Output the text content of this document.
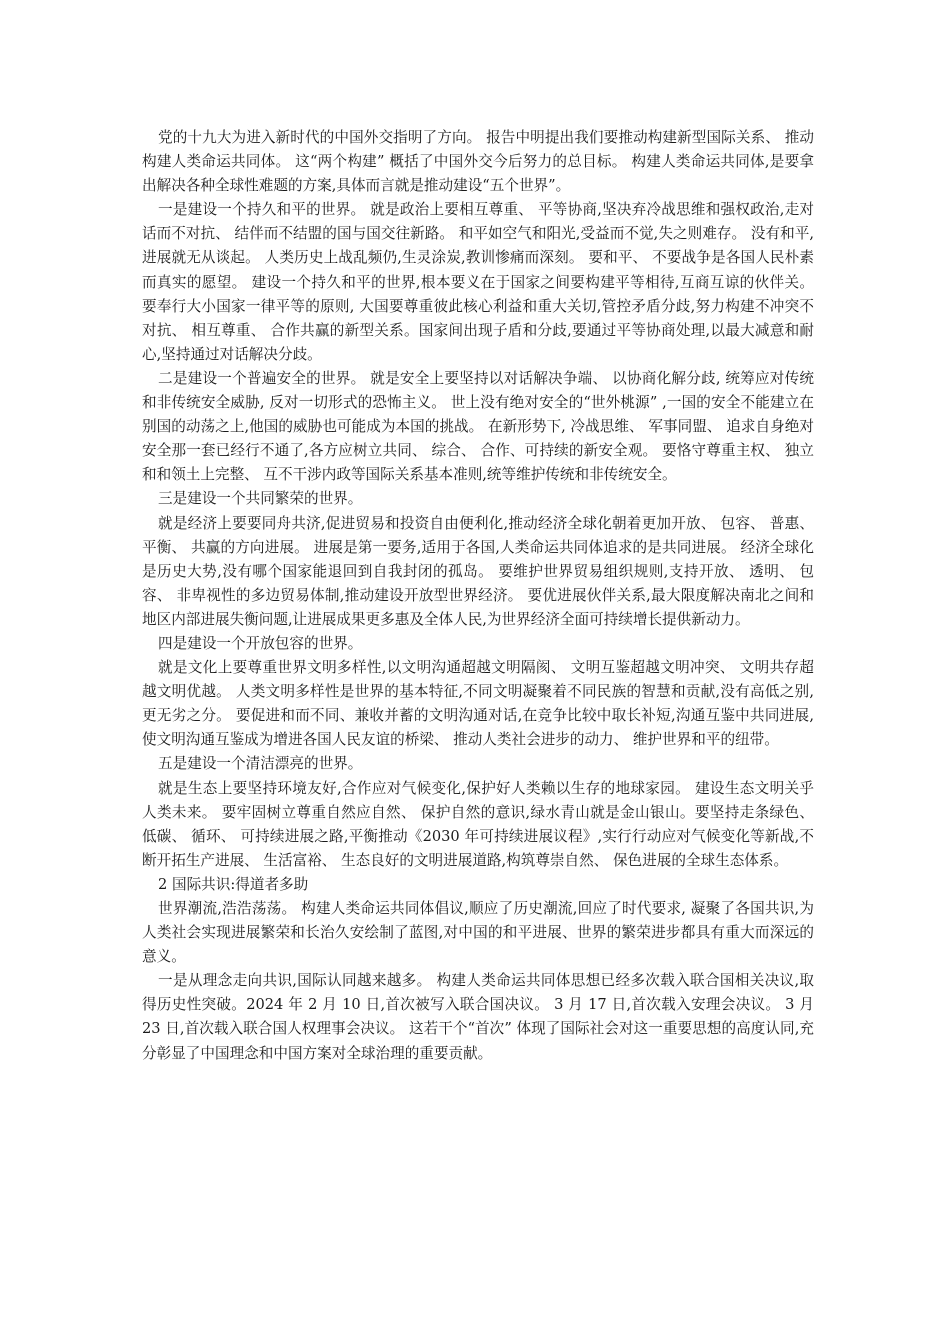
党的十九大为进入新时代的中国外交指明了方向。 报告中明提出我们要推动构建新型国际关系、 推动构建人类命运共同体。 这“两个构建” 概括了中国外交今后努力的总目标。 构建人类命运共同体,是要拿出解决各种全球性难题的方案,具体而言就是推动建设“五个世界”。

一是建设一个持久和平的世界。 就是政治上要相互尊重、 平等协商,坚决弃冷战思维和强权政治,走对话而不对抗、 结伴而不结盟的国与国交往新路。 和平如空气和阳光,受益而不觉,失之则难存。 没有和平,进展就无从谈起。 人类历史上战乱频仍,生灵涂炭,教训惨痛而深刻。 要和平、 不要战争是各国人民朴素而真实的愿望。 建设一个持久和平的世界,根本要义在于国家之间要构建平等相待,互商互谅的伙伴关。 要奉行大小国家一律平等的原则, 大国要尊重彼此核心利益和重大关切,管控矛盾分歧,努力构建不冲突不对抗、 相互尊重、 合作共赢的新型关系。国家间出现子盾和分歧,要通过平等协商处理,以最大减意和耐心,坚持通过对话解决分歧。

二是建设一个普遍安全的世界。 就是安全上要坚持以对话解决争端、 以协商化解分歧, 统筹应对传统和非传统安全威胁, 反对一切形式的恐怖主义。 世上没有绝对安全的“世外桃源” ,一国的安全不能建立在别国的动荡之上,他国的威胁也可能成为本国的挑战。 在新形势下, 冷战思维、 军事同盟、 追求自身绝对安全那一套已经行不通了,各方应树立共同、 综合、 合作、可持续的新安全观。 要恪守尊重主权、 独立和和领土上完整、 互不干涉内政等国际关系基本准则,统等维护传统和非传统安全。

三是建设一个共同繁荣的世界。

就是经济上要要同舟共济,促进贸易和投资自由便利化,推动经济全球化朝着更加开放、 包容、 普惠、 平衡、 共赢的方向进展。 进展是第一要务,适用于各国,人类命运共同体追求的是共同进展。 经济全球化是历史大势,没有哪个国家能退回到自我封闭的孤岛。 要维护世界贸易组织规则,支持开放、 透明、 包容、 非卑视性的多边贸易体制,推动建设开放型世界经济。 要优进展伙伴关系,最大限度解决南北之间和地区内部进展失衡问题,让进展成果更多惠及全体人民,为世界经济全面可持续增长提供新动力。

四是建设一个开放包容的世界。

就是文化上要尊重世界文明多样性,以文明沟通超越文明隔阂、 文明互鉴超越文明冲突、 文明共存超越文明优越。 人类文明多样性是世界的基本特征,不同文明凝聚着不同民族的智慧和贡献,没有高低之别,更无劣之分。 要促进和而不同、兼收并蓄的文明沟通对话,在竞争比较中取长补短,沟通互鉴中共同进展,使文明沟通互鉴成为增进各国人民友谊的桥梁、 推动人类社会进步的动力、 维护世界和平的纽带。

五是建设一个清洁漂亮的世界。

就是生态上要坚持环境友好,合作应对气候变化,保护好人类赖以生存的地球家园。 建设生态文明关乎人类未来。 要牢固树立尊重自然应自然、 保护自然的意识,绿水青山就是金山银山。要坚持走条绿色、 低碳、 循环、 可持续进展之路,平衡推动《2030 年可持续进展议程》,实行行动应对气候变化等新战,不断开拓生产进展、 生活富裕、 生态良好的文明进展道路,构筑尊崇自然、 保色进展的全球生态体系。

2 国际共识:得道者多助

世界潮流,浩浩荡荡。 构建人类命运共同体倡议,顺应了历史潮流,回应了时代要求, 凝聚了各国共识,为人类社会实现进展繁荣和长治久安绘制了蓝图,对中国的和平进展、世界的繁荣进步都具有重大而深远的意义。

一是从理念走向共识,国际认同越来越多。 构建人类命运共同体思想已经多次载入联合国相关决议,取得历史性突破。2024 年 2 月 10 日,首次被写入联合国决议。 3 月 17 日,首次载入安理会决议。 3 月 23 日,首次载入联合国人权理事会决议。 这若干个“首次” 体现了国际社会对这一重要思想的高度认同,充分彰显了中国理念和中国方案对全球治理的重要贡献。
